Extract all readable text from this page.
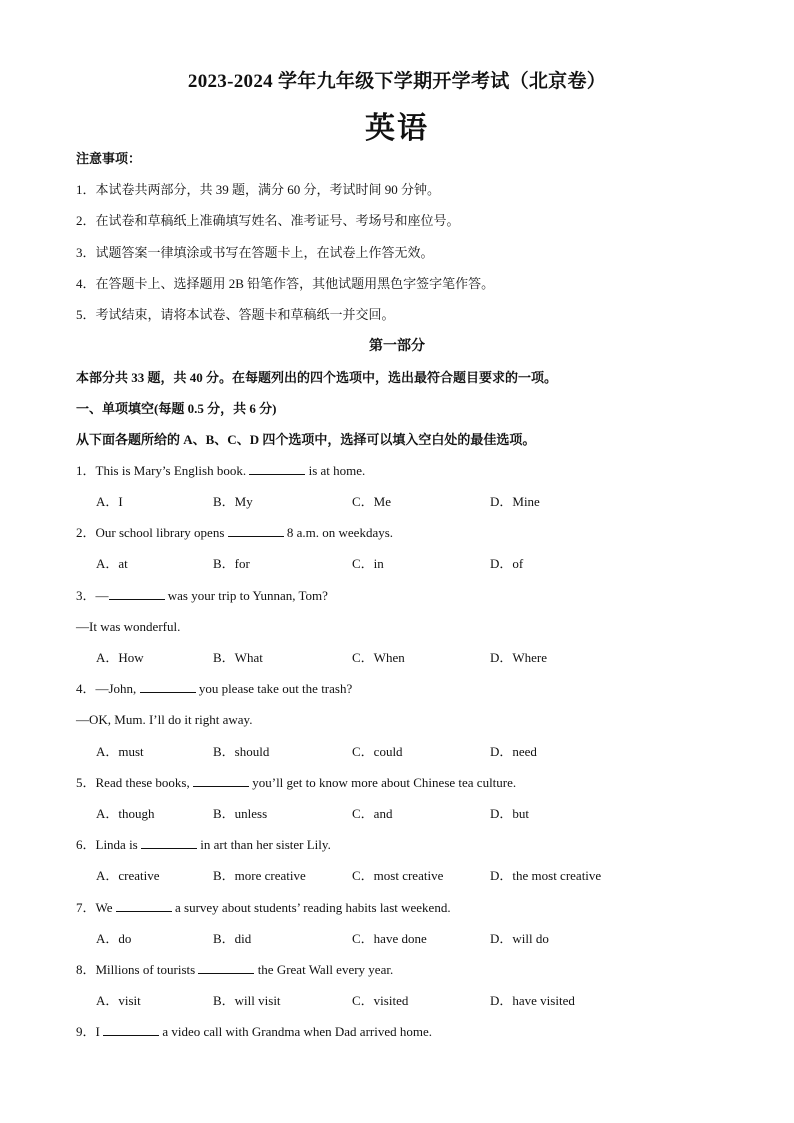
2023-2024 学年九年级下学期开学考试（北京卷）
英语
注意事项：
1．本试卷共两部分，共 39 题，满分 60 分，考试时间 90 分钟。
2．在试卷和草稿纸上准确填写姓名、准考证号、考场号和座位号。
3．试题答案一律填涂或书写在答题卡上，在试卷上作答无效。
4．在答题卡上、选择题用 2B 铅笔作答，其他试题用黑色字签字笔作答。
5．考试结束，请将本试卷、答题卡和草稿纸一并交回。
第一部分
本部分共 33 题，共 40 分。在每题列出的四个选项中，选出最符合题目要求的一项。
一、单项填空(每题 0.5 分，共 6 分)
从下面各题所给的 A、B、C、D 四个选项中，选择可以填入空白处的最佳选项。
1．This is Mary’s English book.	is at home.
A．I	B．My	C．Me	D．Mine
2．Our school library opens	8 a.m. on weekdays.
A．at	B．for	C．in	D．of
3．—	was your trip to Yunnan, Tom?
—It was wonderful.
A．How	B．What	C．When	D．Where
4．—John,	you please take out the trash?
—OK, Mum. I’ll do it right away.
A．must	B．should	C．could	D．need
5．Read these books,	you’ll get to know more about Chinese tea culture.
A．though	B．unless	C．and	D．but
6．Linda is	in art than her sister Lily.
A．creative	B．more creative	C．most creative	D．the most creative
7．We	a survey about students’ reading habits last weekend.
A．do	B．did	C．have done	D．will do
8．Millions of tourists	the Great Wall every year.
A．visit	B．will visit	C．visited	D．have visited
9．I	a video call with Grandma when Dad arrived home.
